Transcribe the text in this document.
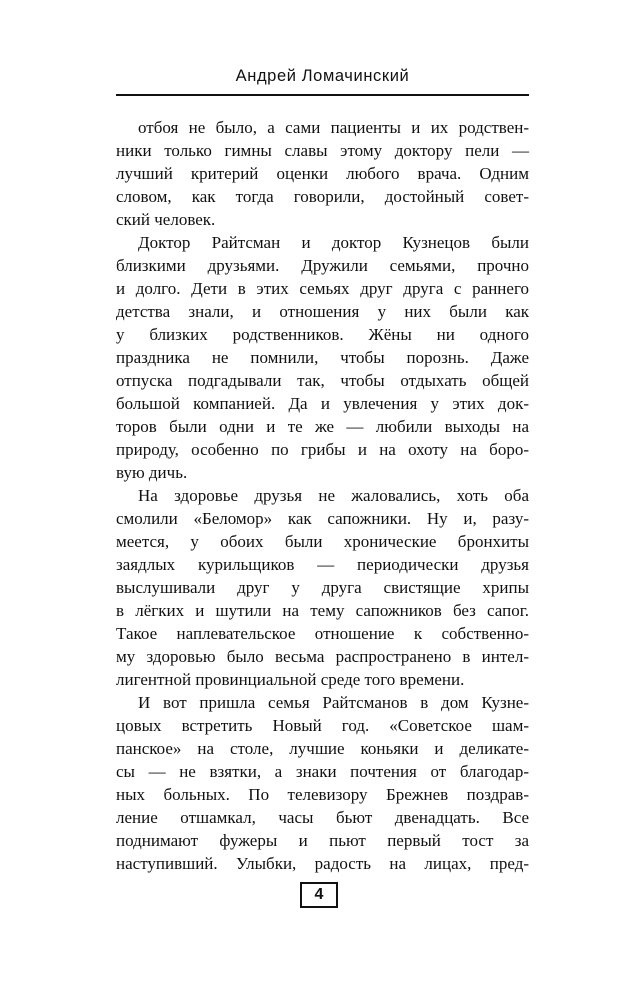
Андрей Ломачинский
отбоя не было, а сами пациенты и их родствен-
ники только гимны славы этому доктору пели —
лучший критерий оценки любого врача. Одним
словом, как тогда говорили, достойный совет-
ский человек.
Доктор Райтсман и доктор Кузнецов были
близкими друзьями. Дружили семьями, прочно
и долго. Дети в этих семьях друг друга с раннего
детства знали, и отношения у них были как
у близких родственников. Жёны ни одного
праздника не помнили, чтобы порознь. Даже
отпуска подгадывали так, чтобы отдыхать общей
большой компанией. Да и увлечения у этих док-
торов были одни и те же — любили выходы на
природу, особенно по грибы и на охоту на боро-
вую дичь.
На здоровье друзья не жаловались, хоть оба
смолили «Беломор» как сапожники. Ну и, разу-
меется, у обоих были хронические бронхиты
заядлых курильщиков — периодически друзья
выслушивали друг у друга свистящие хрипы
в лёгких и шутили на тему сапожников без сапог.
Такое наплевательское отношение к собственно-
му здоровью было весьма распространено в интел-
лигентной провинциальной среде того времени.
И вот пришла семья Райтсманов в дом Кузне-
цовых встретить Новый год. «Советское шам-
панское» на столе, лучшие коньяки и деликате-
сы — не взятки, а знаки почтения от благодар-
ных больных. По телевизору Брежнев поздрав-
ление отшамкал, часы бьют двенадцать. Все
поднимают фужеры и пьют первый тост за
наступивший. Улыбки, радость на лицах, пред-
4
